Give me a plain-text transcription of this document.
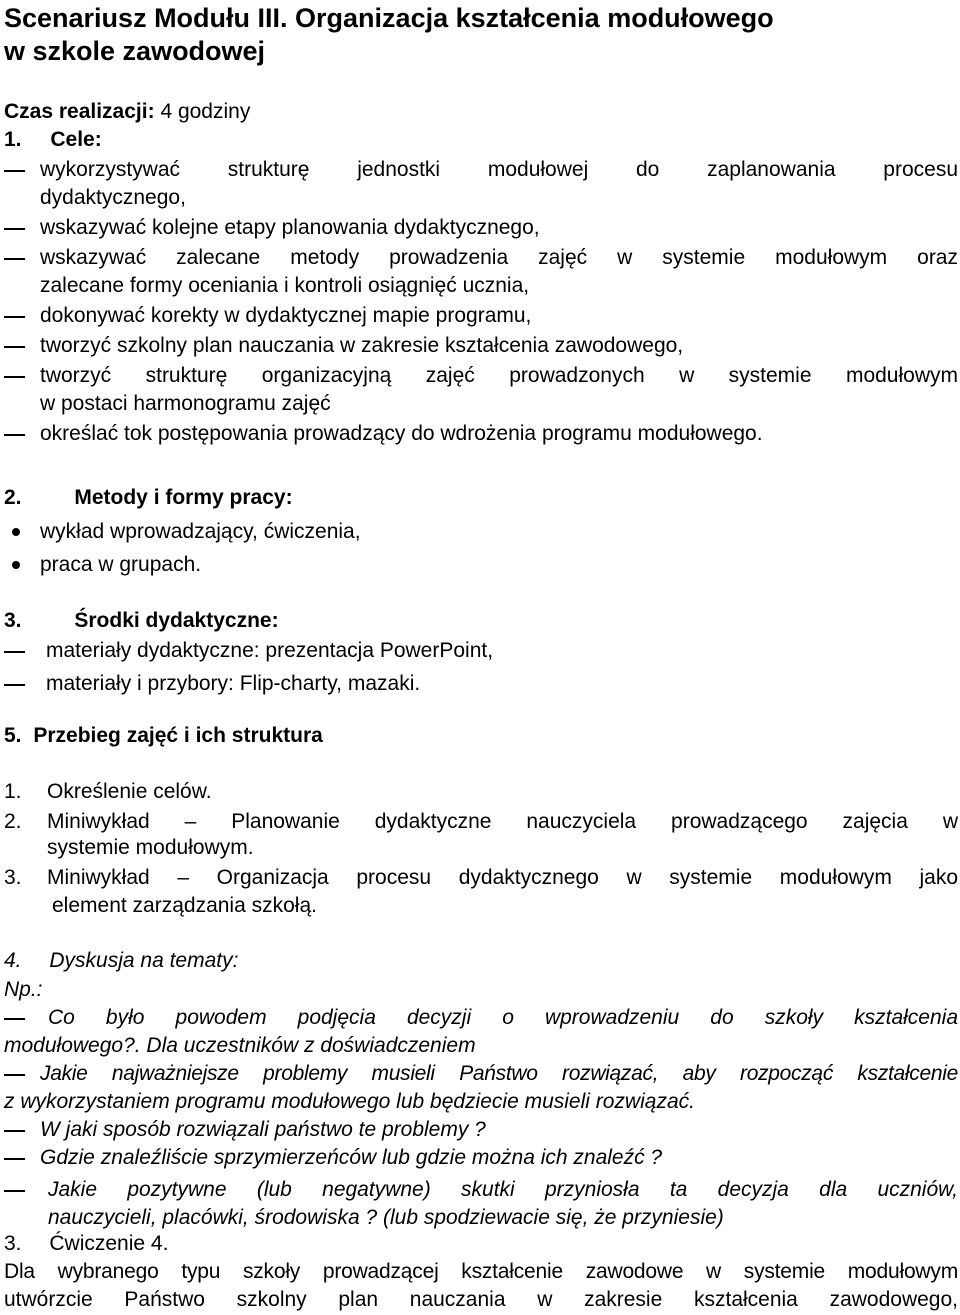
Scenariusz Modułu III. Organizacja kształcenia modułowego
w szkole zawodowej
Czas realizacji: 4 godziny
1. Cele:
wykorzystywać strukturę jednostki modułowej do zaplanowania procesu
dydaktycznego,
wskazywać kolejne etapy planowania dydaktycznego,
wskazywać zalecane metody prowadzenia zajęć w systemie modułowym oraz
zalecane formy oceniania i kontroli osiągnięć ucznia,
dokonywać korekty w dydaktycznej mapie programu,
tworzyć szkolny plan nauczania w zakresie kształcenia zawodowego,
tworzyć strukturę organizacyjną zajęć prowadzonych w systemie modułowym
w postaci harmonogramu zajęć
określać tok postępowania prowadzący do wdrożenia programu modułowego.
2.	Metody i formy pracy:
wykład wprowadzający, ćwiczenia,
praca w grupach.
3.	Środki dydaktyczne:
materiały dydaktyczne: prezentacja PowerPoint,
materiały i przybory: Flip-charty, mazaki.
5. Przebieg zajęć i ich struktura
1. Określenie celów.
2. Miniwykład – Planowanie dydaktyczne nauczyciela prowadzącego zajęcia w
systemie modułowym.
3. Miniwykład – Organizacja procesu dydaktycznego w systemie modułowym jako
element zarządzania szkołą.
4. Dyskusja na tematy:
Np.:
Co było powodem podjęcia decyzji o wprowadzeniu do szkoły kształcenia
modułowego?. Dla uczestników z doświadczeniem
Jakie najważniejsze problemy musieli Państwo rozwiązać, aby rozpocząć kształcenie
z wykorzystaniem programu modułowego lub będziecie musieli rozwiązać.
W jaki sposób rozwiązali państwo te problemy ?
Gdzie znaleźliście sprzymierzeńców lub gdzie można ich znaleźć ?
Jakie pozytywne (lub negatywne) skutki przyniosła ta decyzja dla uczniów,
nauczycieli, placówki, środowiska ? (lub spodziewacie się, że przyniesie)
3. Ćwiczenie 4.
Dla wybranego typu szkoły prowadzącej kształcenie zawodowe w systemie modułowym
utwórzcie Państwo szkolny plan nauczania w zakresie kształcenia zawodowego,
